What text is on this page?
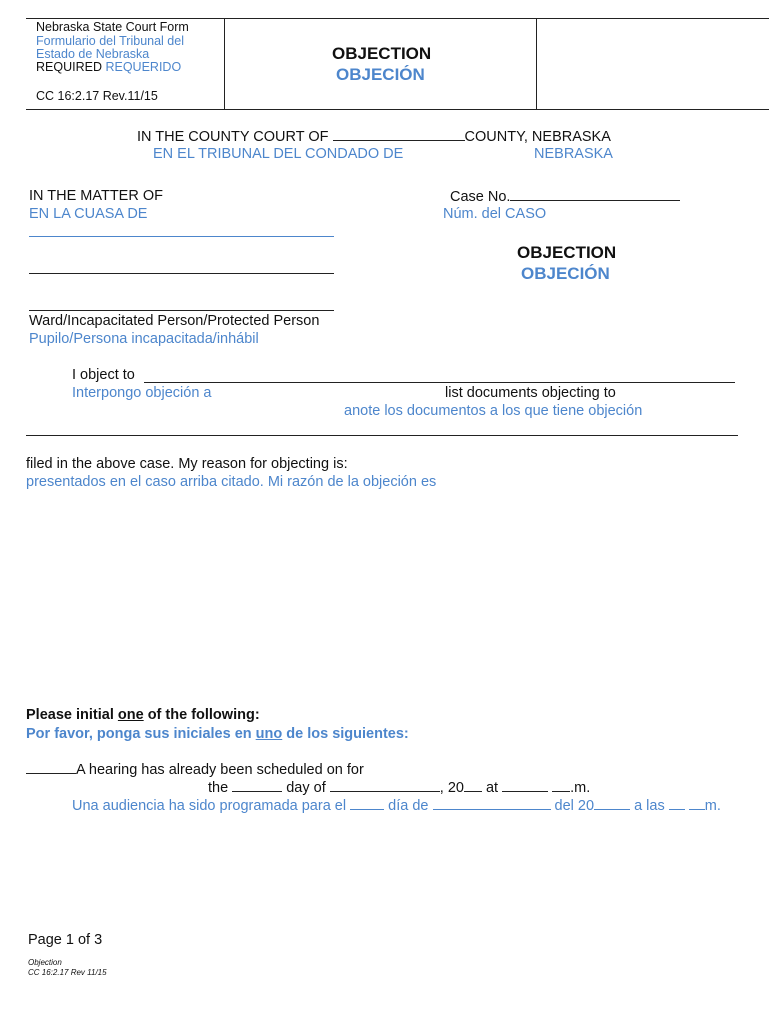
Nebraska State Court Form
Formulario del Tribunal del
Estado de Nebraska
REQUIRED REQUERIDO
CC 16:2.17 Rev.11/15
OBJECTION
OBJECIÓN
IN THE COUNTY COURT OF	COUNTY, NEBRASKA
EN EL TRIBUNAL DEL CONDADO DE	NEBRASKA
IN THE MATTER OF
EN LA CUASA DE
Ward/Incapacitated Person/Protected Person
Pupilo/Persona incapacitada/inhábil
Case No.
Núm. del CASO
OBJECTION
OBJECIÓN
I object to
Interpongo objeción a	list documents objecting to
anote los documentos a los que tiene objeción
filed in the above case. My reason for objecting is:
presentados en el caso arriba citado. Mi razón de la objeción es
Please initial one of the following:
Por favor, ponga sus iniciales en uno de los siguientes:
A hearing has already been scheduled on for
the	day of	, 20 at	.m.
Una audiencia ha sido programada para el	día de	del 20	a las	m.
Page 1 of 3
Objection
CC 16:2.17 Rev 11/15
